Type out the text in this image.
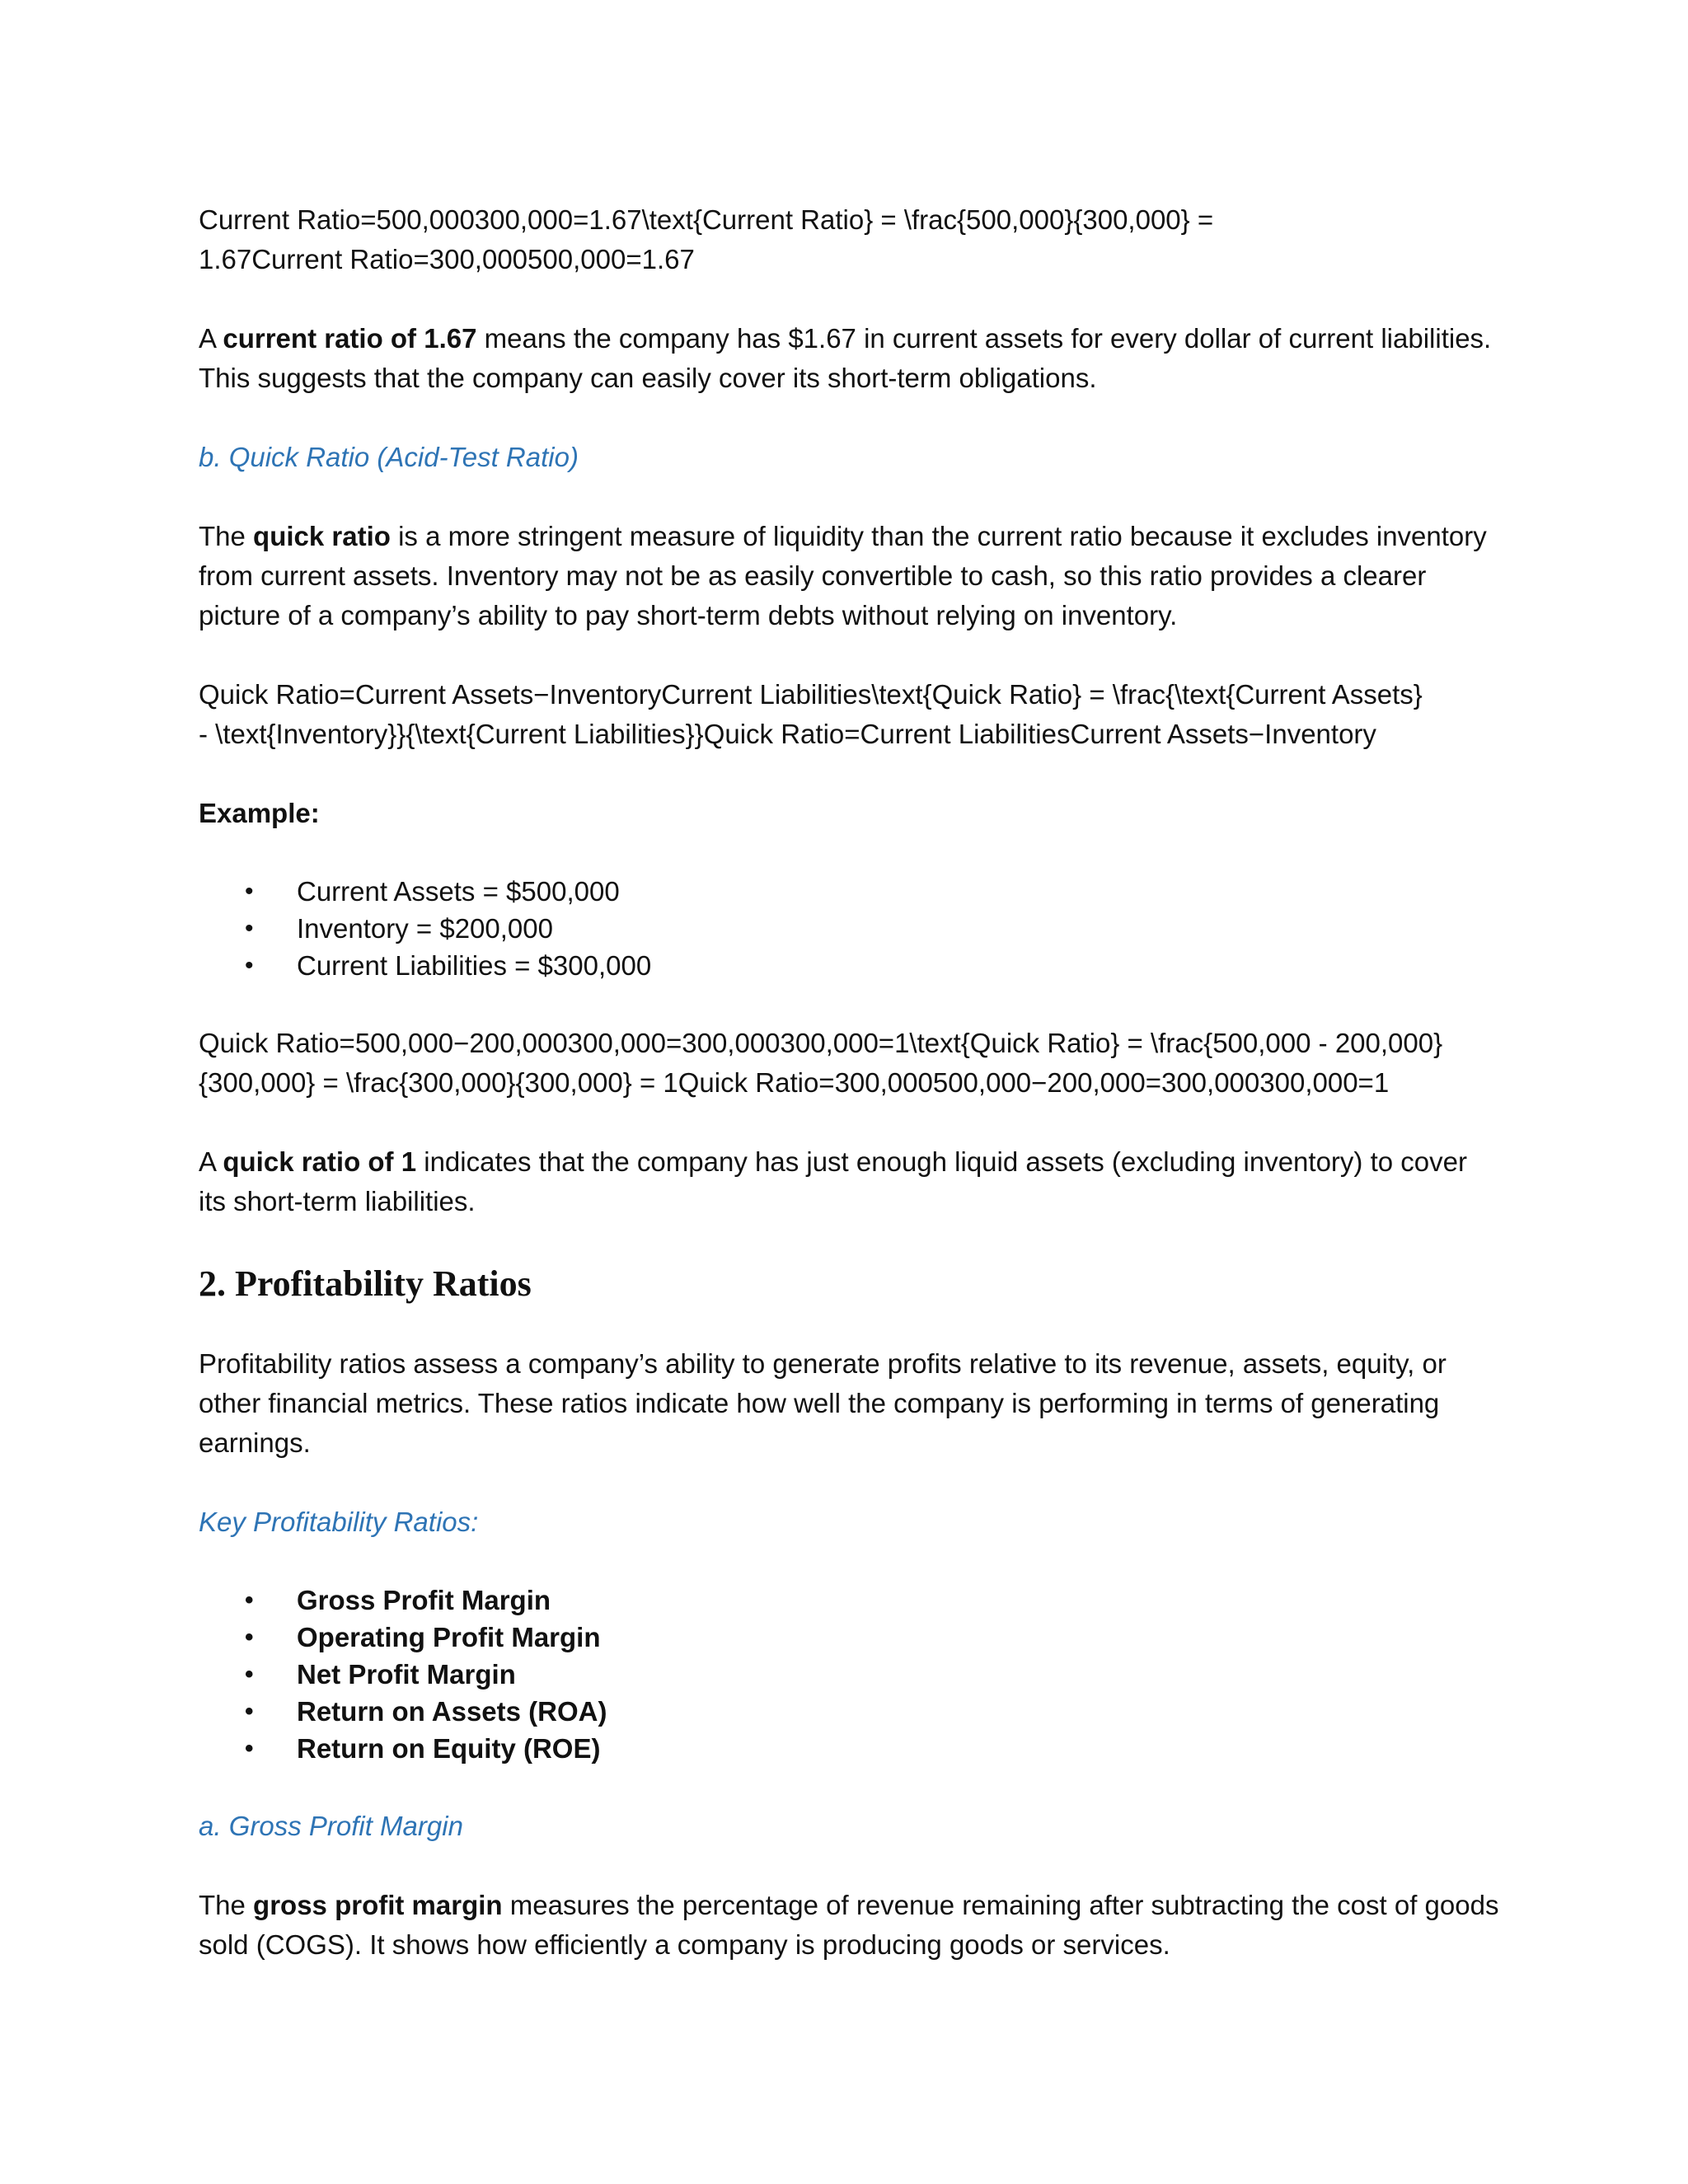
Current Ratio=500,000300,000=1.67\text{Current Ratio} = \frac{500,000}{300,000} =
1.67Current Ratio=300,000500,000=1.67

A current ratio of 1.67 means the company has $1.67 in current assets for every dollar of current liabilities. This suggests that the company can easily cover its short-term obligations.

b. Quick Ratio (Acid-Test Ratio)

The quick ratio is a more stringent measure of liquidity than the current ratio because it excludes inventory from current assets. Inventory may not be as easily convertible to cash, so this ratio provides a clearer picture of a company’s ability to pay short-term debts without relying on inventory.

Quick Ratio=Current Assets−InventoryCurrent Liabilities\text{Quick Ratio} = \frac{\text{Current Assets}
- \text{Inventory}}{\text{Current Liabilities}}Quick Ratio=Current LiabilitiesCurrent Assets−Inventory

Example:

• Current Assets = $500,000
• Inventory = $200,000
• Current Liabilities = $300,000
Quick Ratio=500,000−200,000300,000=300,000300,000=1\text{Quick Ratio} = \frac{500,000 - 200,000}
{300,000} = \frac{300,000}{300,000} = 1Quick Ratio=300,000500,000−200,000=300,000300,000=1

A quick ratio of 1 indicates that the company has just enough liquid assets (excluding inventory) to cover its short-term liabilities.

2. Profitability Ratios

Profitability ratios assess a company’s ability to generate profits relative to its revenue, assets, equity, or other financial metrics. These ratios indicate how well the company is performing in terms of generating earnings.

Key Profitability Ratios:
• Gross Profit Margin
• Operating Profit Margin
• Net Profit Margin
• Return on Assets (ROA)
• Return on Equity (ROE)
a. Gross Profit Margin

The gross profit margin measures the percentage of revenue remaining after subtracting the cost of goods sold (COGS). It shows how efficiently a company is producing goods or services.
